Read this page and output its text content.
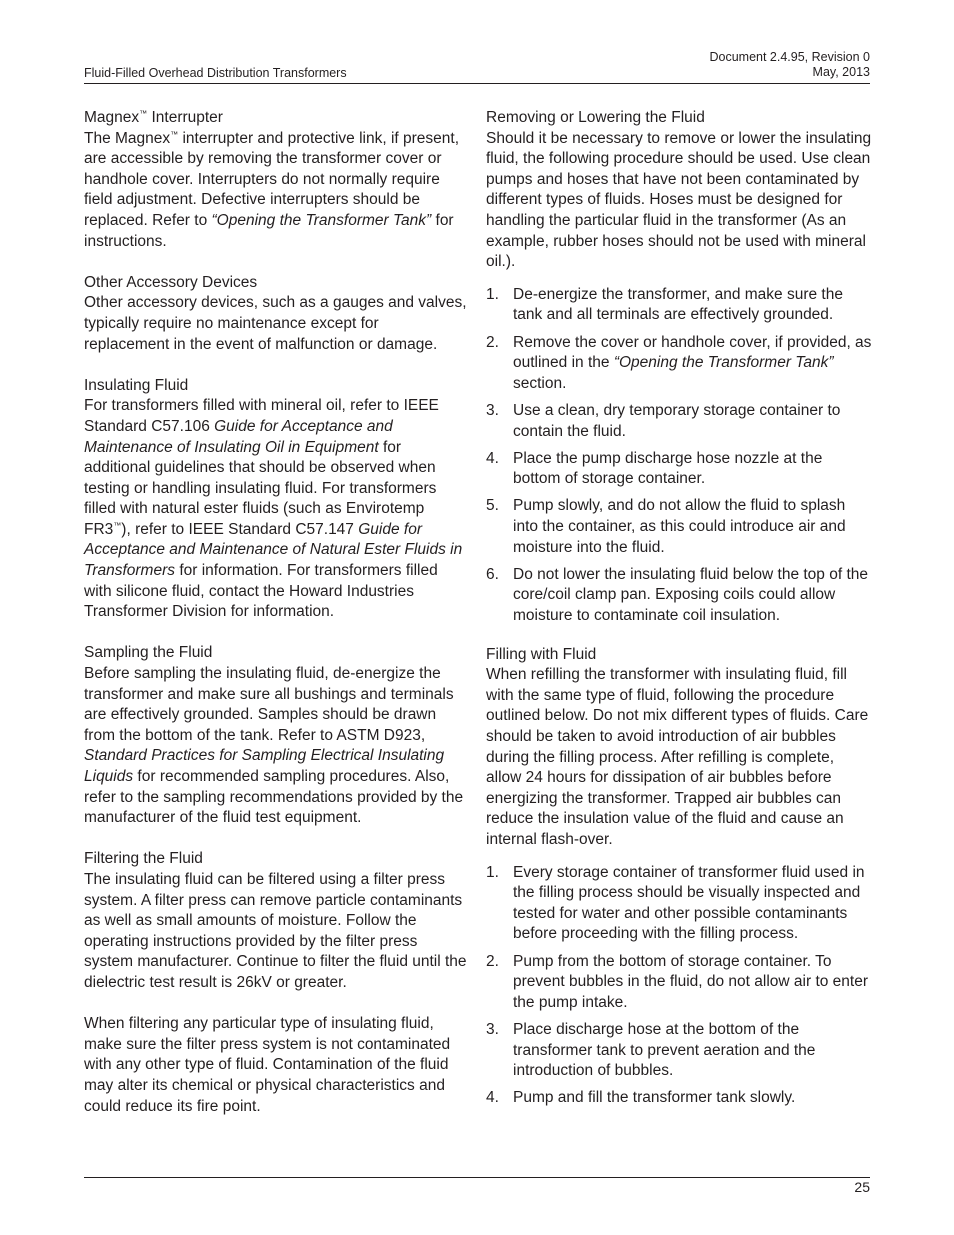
Fluid-Filled Overhead Distribution Transformers
Document 2.4.95, Revision 0
May, 2013
Magnex™ Interrupter

The Magnex™ interrupter and protective link, if present, are accessible by removing the transformer cover or handhole cover. Interrupters do not normally require field adjustment. Defective interrupters should be replaced. Refer to “Opening the Transformer Tank” for instructions.

Other Accessory Devices

Other accessory devices, such as a gauges and valves, typically require no maintenance except for replacement in the event of malfunction or damage.

Insulating Fluid

For transformers filled with mineral oil, refer to IEEE Standard C57.106 Guide for Acceptance and Maintenance of Insulating Oil in Equipment for additional guidelines that should be observed when testing or handling insulating fluid. For transformers filled with natural ester fluids (such as Envirotemp FR3™), refer to IEEE Standard C57.147 Guide for Acceptance and Maintenance of Natural Ester Fluids in Transformers for information. For transformers filled with silicone fluid, contact the Howard Industries Transformer Division for information.

Sampling the Fluid

Before sampling the insulating fluid, de-energize the transformer and make sure all bushings and terminals are effectively grounded. Samples should be drawn from the bottom of the tank. Refer to ASTM D923, Standard Practices for Sampling Electrical Insulating Liquids for recommended sampling procedures. Also, refer to the sampling recommendations provided by the manufacturer of the fluid test equipment.

Filtering the Fluid

The insulating fluid can be filtered using a filter press system. A filter press can remove particle contaminants as well as small amounts of moisture. Follow the operating instructions provided by the filter press system manufacturer. Continue to filter the fluid until the dielectric test result is 26kV or greater.

When filtering any particular type of insulating fluid, make sure the filter press system is not contaminated with any other type of fluid. Contamination of the fluid may alter its chemical or physical characteristics and could reduce its fire point.

Removing or Lowering the Fluid

Should it be necessary to remove or lower the insulating fluid, the following procedure should be used. Use clean pumps and hoses that have not been contaminated by different types of fluids. Hoses must be designed for handling the particular fluid in the transformer (As an example, rubber hoses should not be used with mineral oil.).

1. De-energize the transformer, and make sure the tank and all terminals are effectively grounded.
2. Remove the cover or handhole cover, if provided, as outlined in the “Opening the Transformer Tank” section.
3. Use a clean, dry temporary storage container to contain the fluid.
4. Place the pump discharge hose nozzle at the bottom of storage container.
5. Pump slowly, and do not allow the fluid to splash into the container, as this could introduce air and moisture into the fluid.
6. Do not lower the insulating fluid below the top of the core/coil clamp pan. Exposing coils could allow moisture to contaminate coil insulation.
Filling with Fluid

When refilling the transformer with insulating fluid, fill with the same type of fluid, following the procedure outlined below. Do not mix different types of fluids. Care should be taken to avoid introduction of air bubbles during the filling process. After refilling is complete, allow 24 hours for dissipation of air bubbles before energizing the transformer. Trapped air bubbles can reduce the insulation value of the fluid and cause an internal flash-over.

1. Every storage container of transformer fluid used in the filling process should be visually inspected and tested for water and other possible contaminants before proceeding with the filling process.
2. Pump from the bottom of storage container. To prevent bubbles in the fluid, do not allow air to enter the pump intake.
3. Place discharge hose at the bottom of the transformer tank to prevent aeration and the introduction of bubbles.
4. Pump and fill the transformer tank slowly.
25
